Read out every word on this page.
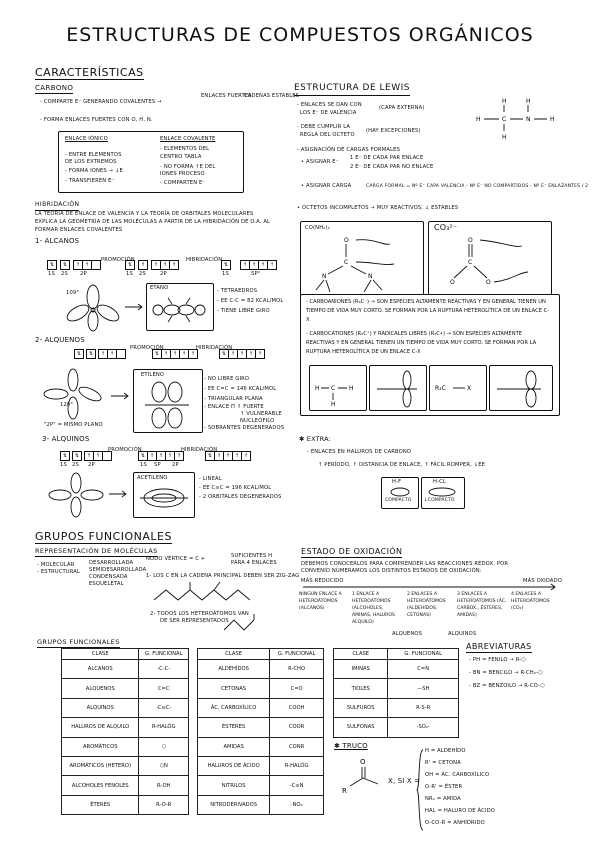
ESTRUCTURAS DE COMPUESTOS ORGÁNICOS
CARACTERÍSTICAS
CARBONO
- COMPARTE E⁻ GENERANDO COVALENTES →
ENLACES FUERTES
CADENAS ESTABLES
- FORMA ENLACES FUERTES CON O, H, N.
ENLACE IÓNICO
- ENTRE ELEMENTOS
DE LOS EXTREMOS
- FORMA IONES → ↓E
- TRANSFIEREN E⁻
ENLACE COVALENTE
- ELEMENTOS DEL
CENTRO TABLA
- NO FORMA ↑E DEL
IONES PROCESO
- COMPARTEN E⁻
HIBRIDACIÓN
LA TEORÍA DE ENLACE DE VALENCIA Y LA TEORÍA DE ORBITALES MOLECULARES
EXPLICA LA GEOMETRÍA DE LAS MOLÉCULAS A PARTIR DE LA HIBRIDACIÓN DE O.A. AL
FORMAR ENLACES COVALENTES
1- ALCANOS
⇅	⇅	↑ ↑
PROMOCIÓN
⇅	↑	↑ ↑ ↑
HIBRIDACIÓN
⇅	↑ ↑ ↑ ↑
1S 2S 2P	1S 2S	2P	1S	SP³
109°
ETANO	- TETRAEDROS
- EE C-C = 82 KCAL/MOL
- TIENE LIBRE GIRO
2- ALQUENOS
⇅	⇅	↑ ↑
PROMOCIÓN
⇅ ↑ ↑ ↑ ↑
HIBRIDACIÓN
⇅ ↑ ↑ ↑ ↑
120°
ETILENO
- NO LIBRE GIRO
- EE C=C = 146 KCAL/MOL
- TRIANGULAR PLANA
- ENLACE Π ↑ FUERTE
↑ VULNERABLE
NUCLEÓFILO
- SOBRANTES DEGENERADOS
"2P" = MISMO PLANO
3- ALQUINOS
⇅	⇅	↑ ↑
PROMOCIÓN
⇅ ↑ ↑ ↑ ↑
HIBRIDACIÓN
⇅ ↑ ↑ ↑ ↑
1S 2S 2P	1S SP 2P
ACETILENO	- LINEAL
- EE C≡C = 196 KCAL/MOL
- 2 ORBITALES DEGENERADOS
ESTRUCTURA DE LEWIS
- ENLACES SE DAN CON
LOS E⁻ DE VALENCIA
(CAPA EXTERNA)
- DEBE CUMPLIR LA
REGLA DEL OCTETO
(HAY EXCEPCIONES)
H	H
H	C	N	H
H
- ASIGNACIÓN DE CARGAS FORMALES
• ASIGNAR E⁻
1 E⁻ DE CADA PAR ENLACE
2 E⁻ DE CADA PAR NO ENLACE
• ASIGNAR CARGA	CARGA FORMAL = Nº E⁻ CAPA VALENCIA - Nº E⁻ NO COMPARTIDOS - Nº E⁻ ENLAZANTES / 2
• OCTETOS INCOMPLETOS → MUY REACTIVOS, ↓ ESTABLES
CO(NH₂)₂
O
C
N	N
CO₃²⁻
O
C
O	O
- CARBOANIONES (R₃C⁻) → SON ESPECIES ALTAMENTE REACTIVAS Y EN GENERAL TIENEN UN TIEMPO DE VIDA MUY CORTO. SE FORMAN POR LA RUPTURA HETEROLÍTICA DE UN ENLACE C-X
- CARBOCATIONES (R₃C⁺) Y RADICALES LIBRES (R₃C•) → SON ESPECIES ALTAMENTE REACTIVAS Y EN GENERAL TIENEN UN TIEMPO DE VIDA MUY CORTO. SE FORMAN POR LA RUPTURA HETEROLÍTICA DE UN ENLACE C-X
C
H	H
H
R₃C	X
✱ EXTRA:
- ENLACES EN HALUROS DE CARBONO
↑ PERÍODO, ↑ DISTANCIA DE ENLACE, ↑ FÁCIL ROMPER, ↓EE
H-F
COMPACTO
H-CL
↓COMPACTO
GRUPOS FUNCIONALES
REPRESENTACIÓN DE MOLÉCULAS
- MOLECULAR
- ESTRUCTURAL
DESARROLLADA
SEMIDESARROLLADA
CONDENSADA
ESQUELETAL
NODO VÉRTICE = C +	SUFICIENTES H
PARA 4 ENLACES
1- LOS C EN LA CADENA PRINCIPAL DEBEN SER ZIG-ZAG
2- TODOS LOS HETEROÁTOMOS VAN
DE SER REPRESENTADOS
ESTADO DE OXIDACIÓN
DEBEMOS CONOCERLOS PARA COMPRENDER LAS REACCIONES REDOX. POR
CONVENIO NUMERAMOS LOS DISTINTOS ESTADOS DE OXIDACIÓN:
MÁS REDUCIDO	MÁS OXIDADO
NINGÚN ENLACE A HETEROÁTOMOS (ALCANOS)
1 ENLACE A HETEROÁTOMOS (ALCOHOLES, AMINAS, HALUROS ALQUILO)
2 ENLACES A HETEROÁTOMOS (ALDEHÍDOS, CETONAS)
3 ENLACES A HETEROÁTOMOS (ÁC. CARBOX., ÉSTERES, AMIDAS)
4 ENLACES A HETEROÁTOMOS (CO₂)
ALQUENOS	ALQUINOS
GRUPOS FUNCIONALES
CLASE	G. FUNCIONAL
ALCANOS	-C-C-
ALQUENOS	C=C
ALQUINOS	-C≡C-
HALUROS DE ALQUILO	R-HALÓG
AROMÁTICOS	⬡
AROMÁTICOS (HETERO)	⬡N
ALCOHOLES FENOLES	R-OH
ÉTERES	R-O-R
CLASE	G. FUNCIONAL
ALDEHÍDOS	R-CHO
CETONAS	C=O
ÁC. CARBOXÍLICO	COOH
ÉSTERES	COOR
AMIDAS	CONR
HALUROS DE ÁCIDO	R-HALÓG
NITRILOS	-C≡N
NITRODERIVADOS	-NO₂
CLASE	G. FUNCIONAL
IMINAS	C=N
TIOLES	—SH
SULFUROS	R-S-R
SULFONAS	-SO₂-
ABREVIATURAS
- PH = FENILO → R-⬡
- BN = BENCILO → R-CH₂-⬡
- BZ = BENZOILO → R-CO-⬡
✱ TRUCO
O
R
X, SI X =
H = ALDEHÍDO
R' = CETONA
OH = ÁC. CARBOXÍLICO
O-R' = ÉSTER
NR₂ = AMIDA
HAL = HALURO DE ÁCIDO
O-CO-R = ANHÍDRIDO
